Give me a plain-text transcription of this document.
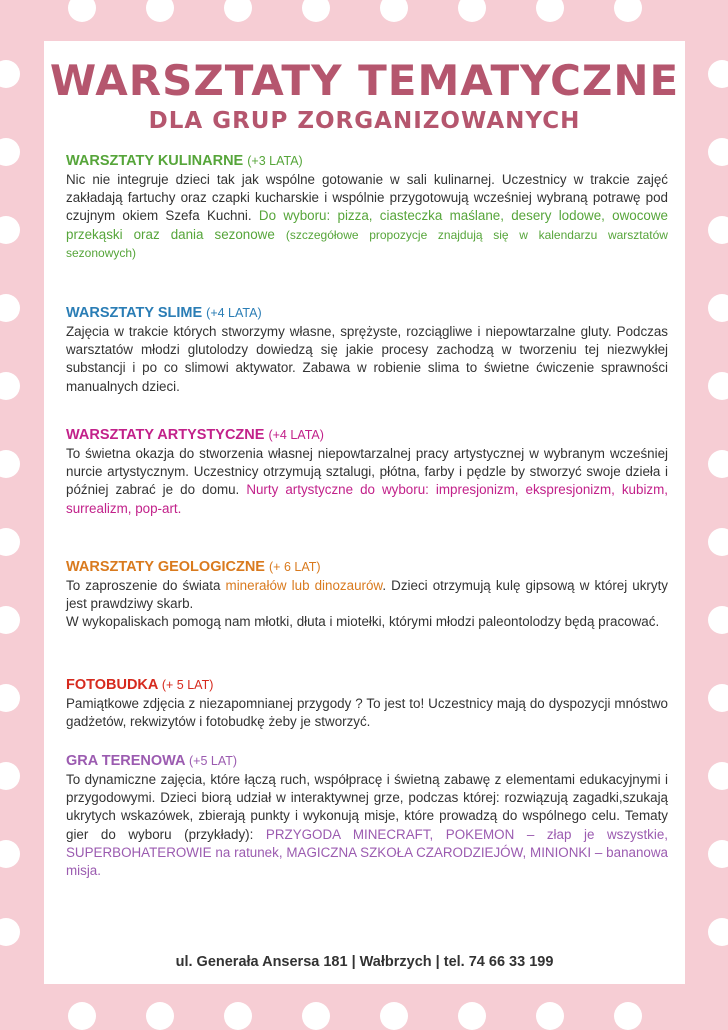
WARSZTATY TEMATYCZNE
DLA GRUP ZORGANIZOWANYCH
WARSZTATY KULINARNE (+3 LATA)
Nic nie integruje dzieci tak jak wspólne gotowanie w sali kulinarnej. Uczestnicy w trakcie zajęć zakładają fartuchy oraz czapki kucharskie i wspólnie przygotowują wcześniej wybraną potrawę pod czujnym okiem Szefa Kuchni. Do wyboru: pizza, ciasteczka maślane, desery lodowe, owocowe przekąski oraz dania sezonowe (szczegółowe propozycje znajdują się w kalendarzu warsztatów sezonowych)
WARSZTATY SLIME (+4 LATA)
Zajęcia w trakcie których stworzymy własne, sprężyste, rozciągliwe i niepowtarzalne gluty. Podczas warsztatów młodzi glutolodzy dowiedzą się jakie procesy zachodzą w tworzeniu tej niezwykłej substancji i po co slimowi aktywator. Zabawa w robienie slima to świetne ćwiczenie sprawności manualnych dzieci.
WARSZTATY ARTYSTYCZNE (+4 LATA)
To świetna okazja do stworzenia własnej niepowtarzalnej pracy artystycznej w wybranym wcześniej nurcie artystycznym. Uczestnicy otrzymują sztalugi, płótna, farby i pędzle by stworzyć swoje dzieła i później zabrać je do domu. Nurty artystyczne do wyboru: impresjonizm, ekspresjonizm, kubizm, surrealizm, pop-art.
WARSZTATY GEOLOGICZNE (+ 6 LAT)
To zaproszenie do świata minerałów lub dinozaurów. Dzieci otrzymują kulę gipsową w której ukryty jest prawdziwy skarb.
W wykopaliskach pomogą nam młotki, dłuta i miotełki, którymi młodzi paleontolodzy będą pracować.
FOTOBUDKA (+ 5 LAT)
Pamiątkowe zdjęcia z niezapomnianej przygody ? To jest to! Uczestnicy mają do dyspozycji mnóstwo gadżetów, rekwizytów i fotobudkę żeby je stworzyć.
GRA TERENOWA (+5 LAT)
To dynamiczne zajęcia, które łączą ruch, współpracę i świetną zabawę z elementami edukacyjnymi i przygodowymi. Dzieci biorą udział w interaktywnej grze, podczas której: rozwiązują zagadki,szukają ukrytych wskazówek, zbierają punkty i wykonują misje, które prowadzą do wspólnego celu. Tematy gier do wyboru (przykłady): PRZYGODA MINECRAFT, POKEMON – złap je wszystkie, SUPERBOHATEROWIE na ratunek, MAGICZNA SZKOŁA CZARODZIEJÓW, MINIONKI – bananowa misja.
ul. Generała Ansersa 181 | Wałbrzych | tel. 74 66 33 199
